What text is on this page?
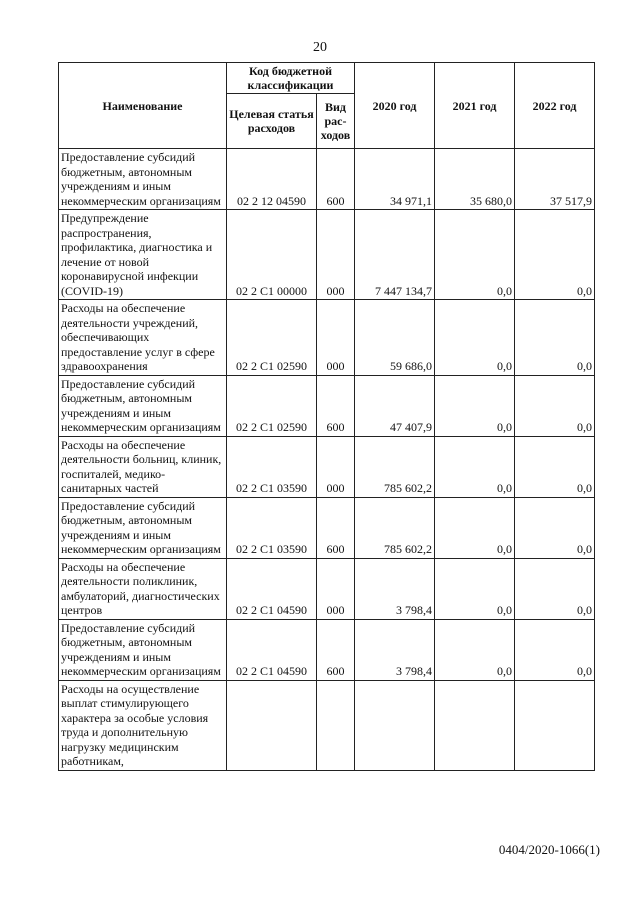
20
Наименование	Код бюджетной классификации		2020 год	2021 год	2022 год
	Целевая статья расходов	Вид рас-ходов			
Предоставление субсидий бюджетным, автономным учреждениям и иным некоммерческим организациям	02 2 12 04590	600	34 971,1	35 680,0	37 517,9
Предупреждение распространения, профилактика, диагностика и лечение от новой коронавирусной инфекции (COVID-19)	02 2 C1 00000	000	7 447 134,7	0,0	0,0
Расходы на обеспечение деятельности учреждений, обеспечивающих предоставление услуг в сфере здравоохранения	02 2 C1 02590	000	59 686,0	0,0	0,0
Предоставление субсидий бюджетным, автономным учреждениям и иным некоммерческим организациям	02 2 C1 02590	600	47 407,9	0,0	0,0
Расходы на обеспечение деятельности больниц, клиник, госпиталей, медико-санитарных частей	02 2 C1 03590	000	785 602,2	0,0	0,0
Предоставление субсидий бюджетным, автономным учреждениям и иным некоммерческим организациям	02 2 C1 03590	600	785 602,2	0,0	0,0
Расходы на обеспечение деятельности поликлиник, амбулаторий, диагностических центров	02 2 C1 04590	000	3 798,4	0,0	0,0
Предоставление субсидий бюджетным, автономным учреждениям и иным некоммерческим организациям	02 2 C1 04590	600	3 798,4	0,0	0,0
Расходы на осуществление выплат стимулирующего характера за особые условия труда и дополнительную нагрузку медицинским работникам,					
0404/2020-1066(1)
